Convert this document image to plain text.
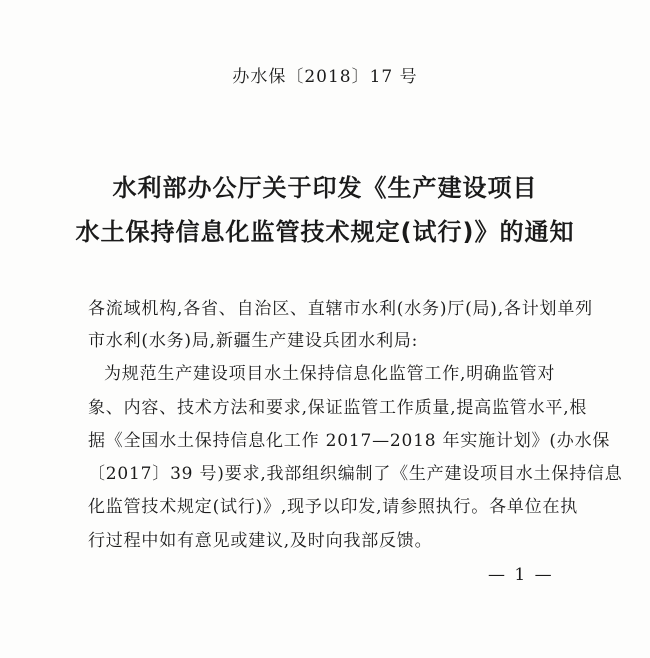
办水保〔2018〕17 号
水利部办公厅关于印发《生产建设项目
水土保持信息化监管技术规定(试行)》的通知
各流域机构,各省、自治区、直辖市水利(水务)厅(局),各计划单列
市水利(水务)局,新疆生产建设兵团水利局:
为规范生产建设项目水土保持信息化监管工作,明确监管对
象、内容、技术方法和要求,保证监管工作质量,提高监管水平,根
据《全国水土保持信息化工作 2017—2018 年实施计划》(办水保
〔2017〕39 号)要求,我部组织编制了《生产建设项目水土保持信息
化监管技术规定(试行)》,现予以印发,请参照执行。各单位在执
行过程中如有意见或建议,及时向我部反馈。
— 1 —
